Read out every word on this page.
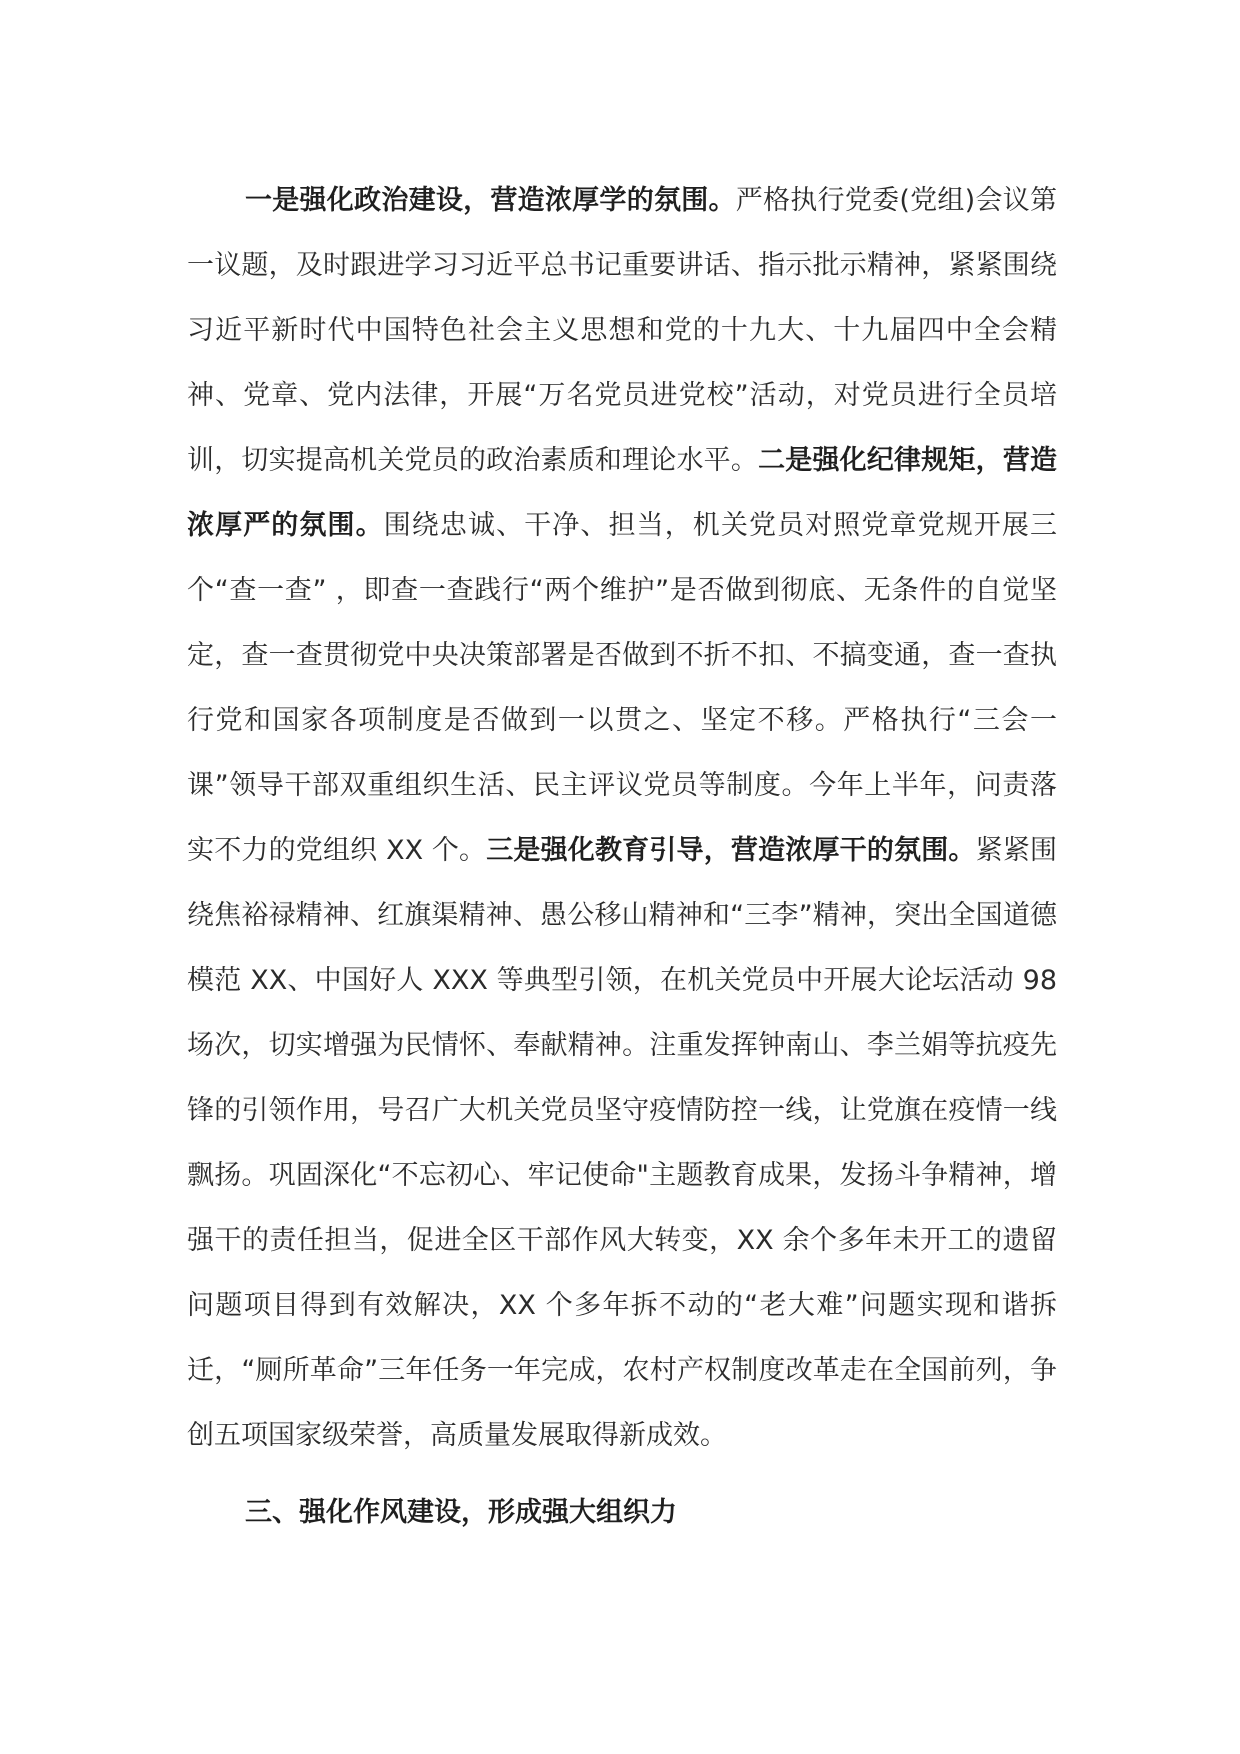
一是强化政治建设，营造浓厚学的氛围。严格执行党委(党组)会议第一议题，及时跟进学习习近平总书记重要讲话、指示批示精神，紧紧围绕习近平新时代中国特色社会主义思想和党的十九大、十九届四中全会精神、党章、党内法律，开展“万名党员进党校”活动，对党员进行全员培训，切实提高机关党员的政治素质和理论水平。二是强化纪律规矩，营造浓厚严的氛围。围绕忠诚、干净、担当，机关党员对照党章党规开展三个“查一查” ，即查一查践行“两个维护”是否做到彻底、无条件的自觉坚定，查一查贯彻党中央决策部署是否做到不折不扣、不搞变通，查一查执行党和国家各项制度是否做到一以贯之、坚定不移。严格执行“三会一课”领导干部双重组织生活、民主评议党员等制度。今年上半年，问责落实不力的党组织 XX 个。三是强化教育引导，营造浓厚干的氛围。紧紧围绕焦裕禄精神、红旗渠精神、愚公移山精神和“三李”精神，突出全国道德模范 XX、中国好人 XXX 等典型引领，在机关党员中开展大论坛活动 98 场次，切实增强为民情怀、奉献精神。注重发挥钟南山、李兰娟等抗疫先锋的引领作用，号召广大机关党员坚守疫情防控一线，让党旗在疫情一线飘扬。巩固深化“不忘初心、牢记使命"主题教育成果，发扬斗争精神，增强干的责任担当，促进全区干部作风大转变，XX 余个多年未开工的遗留问题项目得到有效解决，XX 个多年拆不动的“老大难”问题实现和谐拆迁，“厕所革命”三年任务一年完成，农村产权制度改革走在全国前列，争创五项国家级荣誉，高质量发展取得新成效。

三、强化作风建设，形成强大组织力
